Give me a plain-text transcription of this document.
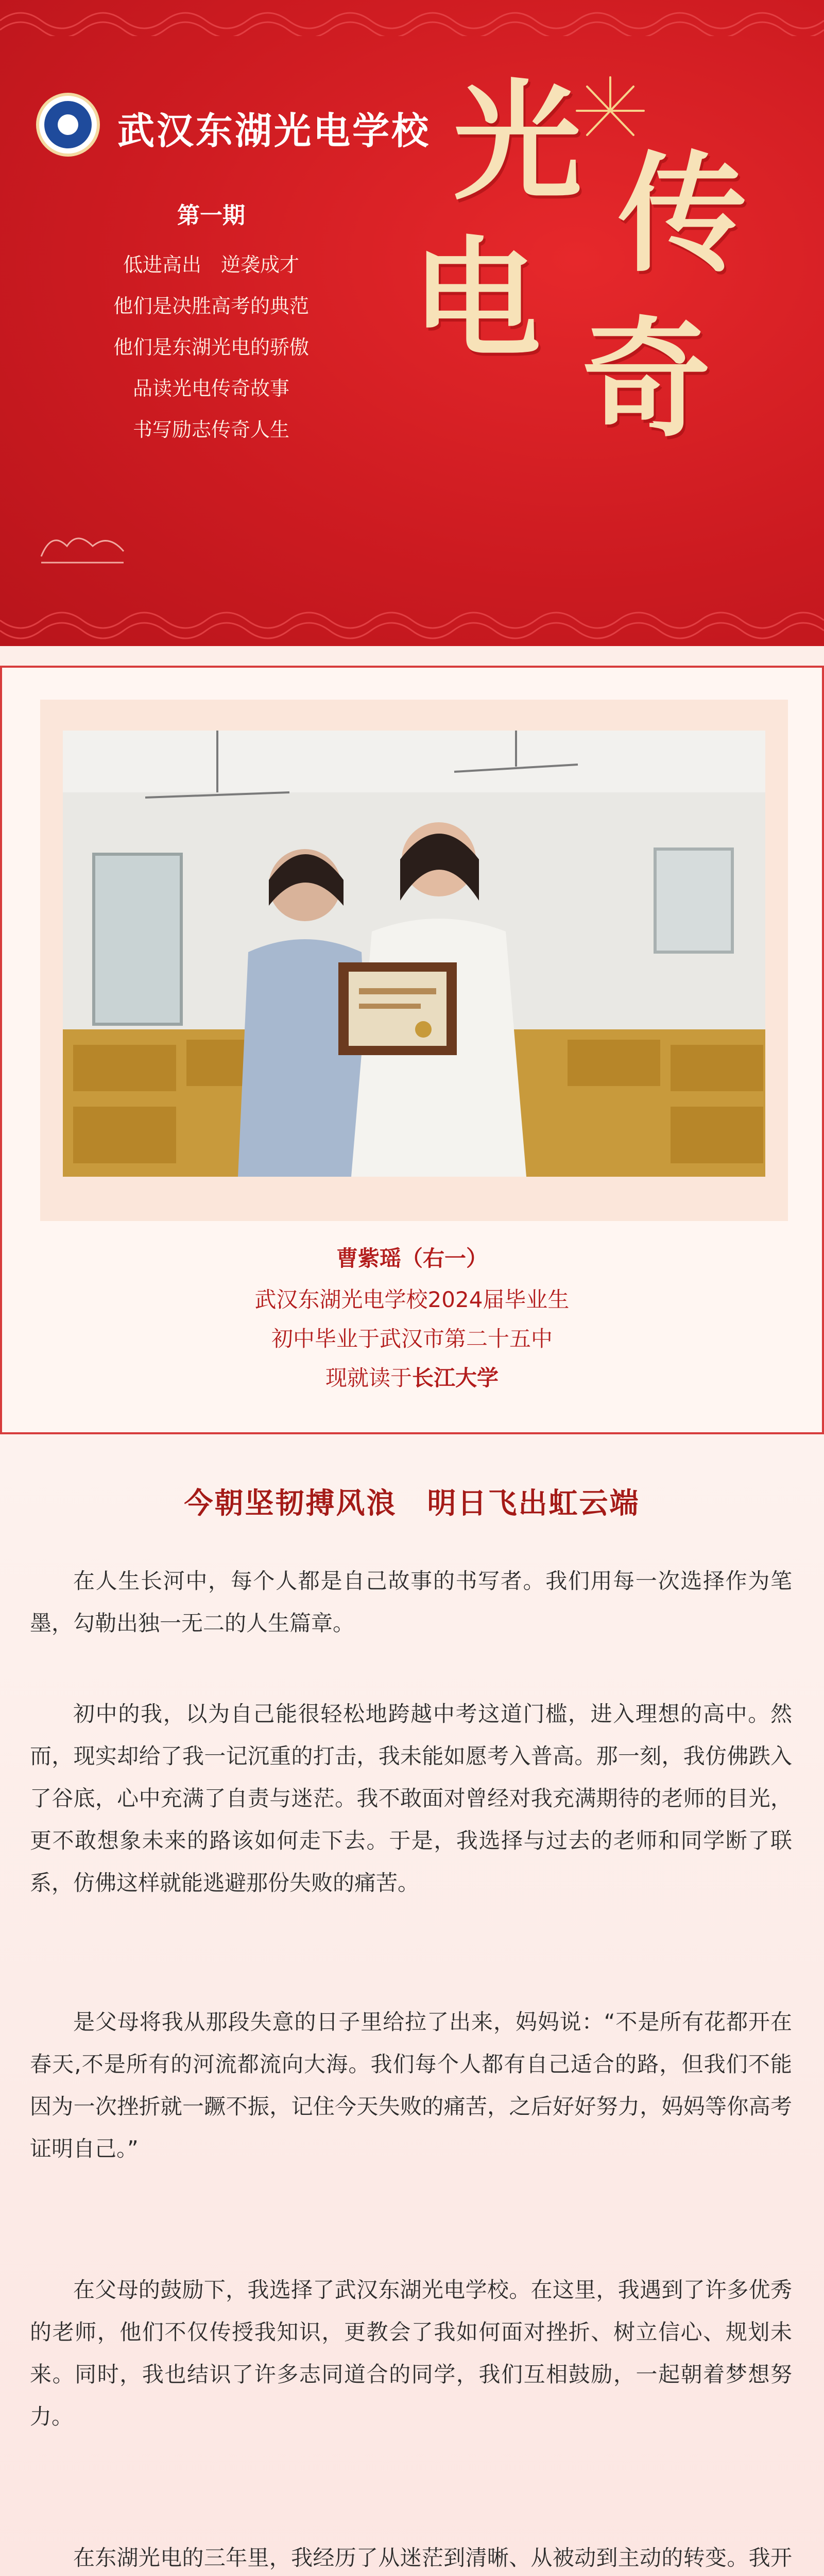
武汉东湖光电学校
第一期
低进高出　逆袭成才
他们是决胜高考的典范
他们是东湖光电的骄傲
品读光电传奇故事
书写励志传奇人生
光 传
电
奇
曹紫瑶（右一）
武汉东湖光电学校2024届毕业生
初中毕业于武汉市第二十五中
现就读于长江大学
今朝坚韧搏风浪　明日飞出虹云端

在人生长河中，每个人都是自己故事的书写者。我们用每一次选择作为笔墨，勾勒出独一无二的人生篇章。

初中的我，以为自己能很轻松地跨越中考这道门槛，进入理想的高中。然而，现实却给了我一记沉重的打击，我未能如愿考入普高。那一刻，我仿佛跌入了谷底，心中充满了自责与迷茫。我不敢面对曾经对我充满期待的老师的目光，更不敢想象未来的路该如何走下去。于是，我选择与过去的老师和同学断了联系，仿佛这样就能逃避那份失败的痛苦。

是父母将我从那段失意的日子里给拉了出来，妈妈说：“不是所有花都开在春天,不是所有的河流都流向大海。我们每个人都有自己适合的路，但我们不能因为一次挫折就一蹶不振，记住今天失败的痛苦，之后好好努力，妈妈等你高考证明自己。”

在父母的鼓励下，我选择了武汉东湖光电学校。在这里，我遇到了许多优秀的老师，他们不仅传授我知识，更教会了我如何面对挫折、树立信心、规划未来。同时，我也结识了许多志同道合的同学，我们互相鼓励，一起朝着梦想努力。

在东湖光电的三年里，我经历了从迷茫到清晰、从被动到主动的转变。我开
